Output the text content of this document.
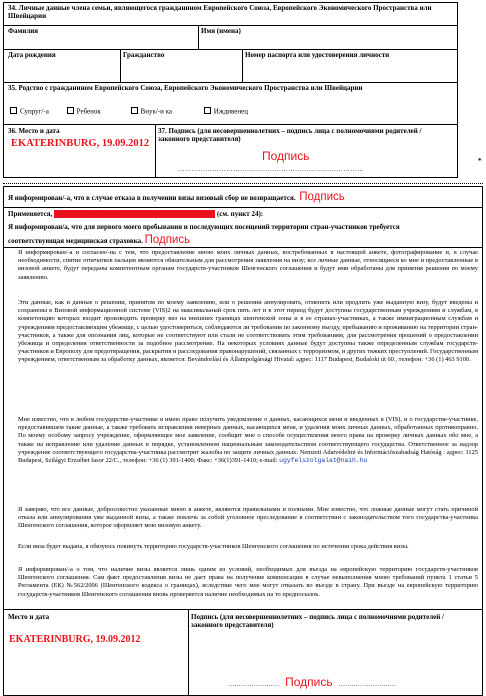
34. Личные данные члена семьи, являющегося гражданином Европейского Союза, Европейского Экономического Пространства или Швейцарии
Фамилия	Имя (имена)
Дата рождения	Гражданство	Номер паспорта или удостоверения личности
35. Родство с гражданином Европейского Союза, Европейского Экономического Пространства или Швейцарии
Супруг/-а	Ребенок	Внук/-и ка	Иждивенец
36. Место и дата
EKATERINBURG, 19.09.2012
37. Подпись (для несовершеннолетних – подпись лица с полномочиями родителей / законного представителя)
Подпись
………………………………………………………………………
*
Я информирован/-а, что в случае отказа в получении визы визовый сбор не возвращается. Подпись
Применяется, если запрашивается виза на многократный въезд (см. пункт 24):
Я информирован/а, что для первого моего пребывания и последующих посещений территории стран-участников требуется соответствующая медицинская страховка. Подпись
Я информирован/-а и согласен/-на с тем, что предоставление мною моих личных данных, востребованных в настоящей анкете, фотографирование и, в случае необходимости, снятие отпечатков пальцев являются обязательным для рассмотрения заявления на визу; все личные данные, относящиеся ко мне и предоставленные в визовой анкете, будут переданы компетентным органам государств-участников Шенгенского соглашения и будут ими обработаны для принятия решения по моему заявлению.
Эти данные, как и данные о решении, принятом по моему заявлению, или о решении аннулировать, отменить или продлить уже выданную визу, будут введены и сохранены в Визовой информационной системе (VIS)2 на максимальный срок пять лет и в этот период будут доступны государственным учреждениям и службам, в компетенцию которых входит производить проверку виз на внешних границах шенгенской зоны и в ее странах-участниках, а также иммиграционным службам и учреждениям предоставляющим убежище, с целью удостовериться, соблюдаются ли требования по законному въезду, пребыванию и проживанию на территории стран-участников, а также для опознания лиц, которые не соответствуют или стали не соответствовать этим требованиям, для рассмотрения прошений о предоставлении убежища и определения ответственности за подобное рассмотрение. На некоторых условиях данные будут доступны также определенным службам государств-участников и Европолу для предотвращения, раскрытия и расследования правонарушений, связанных с терроризмом, и других тяжких преступлений. Государственным учреждением, ответственным за обработку данных, является: Bevándorlási és Állampolgársági Hivatal: адрес: 1117 Budapest, Budafoki út 60., телефон: +36 (1) 463 9100.
Мне известно, что в любом государстве-участнике я имею право получить уведомление о данных, касающихся меня и введенных в (VIS), и о государстве-участнике, предоставившем такие данные, а также требовать исправления неверных данных, касающихся меня, и удаления моих личных данных, обработанных противоправно. По моему особому запросу учреждение, оформляющее мое заявление, сообщит мне о способе осуществления моего права на проверку личных данных обо мне, а также на исправление или удаление данных в порядке, установленном национальным законодательством соответствующего государства. Ответственное за надзор учреждение соответствующего государства-участника рассмотрит жалобы по защите личных данных: Nemzeti Adatvédelmi és Információszabadság Hatóság : адрес: 1125 Budapest, Szilágyi Erzsébet fasor 22/C., телефон: +36 (1) 391-1400; Факс: +36(1)391-1410; e-mail: ugyfelszolgalat@naih.hu
Я заверяю, что все данные, добросовестно указанные мною в анкете, являются правильными и полными. Мне известно, что ложные данные могут стать причиной отказа или аннулирования уже выданной визы, а также повлечь за собой уголовное преследование в соответствии с законодательством того государства-участника Шенгенского соглашения, которое оформляет мою визовую анкету.
Если виза будет выдана, я обязуюсь покинуть территорию государств-участников Шенгенского соглашения по истечении срока действия визы.
Я информирован/-а о том, что наличие визы является лишь одним из условий, необходимых для въезда на европейскую территорию государств-участников Шенгенского соглашения. Сам факт предоставления визы не дает права на получение компенсации в случае невыполнения мною требований пункта 1 статьи 5 Регламента (ЕК) №562/2006 (Шенгенского кодекса о границах), вследствие чего мне могут отказать во въезде в страну. При въезде на европейскую территорию государств-участников Шенгенского соглашения вновь проверяется наличие необходимых на то предпосылок.
Место и дата
EKATERINBURG, 19.09.2012
Подпись (для несовершеннолетних – подпись лица с полномочиями родителей / законного представителя)
…………………… Подпись ………………………
